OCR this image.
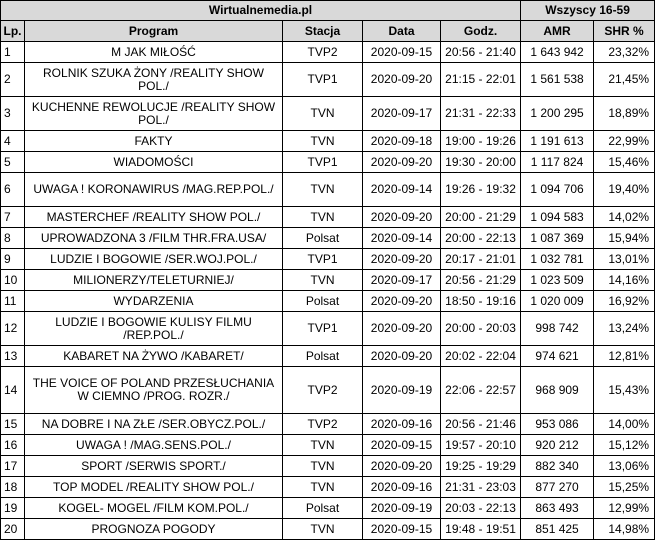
Wirtualnemedia.pl					Wszyscy 16-59	
Lp.	Program	Stacja	Data	Godz.	AMR	SHR %
1	M JAK MIŁOŚĆ	TVP2	2020-09-15	20:56 - 21:40	1 643 942	23,32%
2	ROLNIK SZUKA ŻONY /REALITY SHOW POL./	TVP1	2020-09-20	21:15 - 22:01	1 561 538	21,45%
3	KUCHENNE REWOLUCJE /REALITY SHOW POL./	TVN	2020-09-17	21:31 - 22:33	1 200 295	18,89%
4	FAKTY	TVN	2020-09-18	19:00 - 19:26	1 191 613	22,99%
5	WIADOMOŚCI	TVP1	2020-09-20	19:30 - 20:00	1 117 824	15,46%
6	UWAGA ! KORONAWIRUS /MAG.REP.POL./	TVN	2020-09-14	19:26 - 19:32	1 094 706	19,40%
7	MASTERCHEF /REALITY SHOW POL./	TVN	2020-09-20	20:00 - 21:29	1 094 583	14,02%
8	UPROWADZONA 3 /FILM THR.FRA.USA/	Polsat	2020-09-14	20:00 - 22:13	1 087 369	15,94%
9	LUDZIE I BOGOWIE /SER.WOJ.POL./	TVP1	2020-09-20	20:17 - 21:01	1 032 781	13,01%
10	MILIONERZY/TELETURNIEJ/	TVN	2020-09-17	20:56 - 21:29	1 023 509	14,16%
11	WYDARZENIA	Polsat	2020-09-20	18:50 - 19:16	1 020 009	16,92%
12	LUDZIE I BOGOWIE KULISY FILMU /REP.POL./	TVP1	2020-09-20	20:00 - 20:03	998 742	13,24%
13	KABARET NA ŻYWO /KABARET/	Polsat	2020-09-20	20:02 - 22:04	974 621	12,81%
14	THE VOICE OF POLAND PRZESŁUCHANIA W CIEMNO /PROG. ROZR./	TVP2	2020-09-19	22:06 - 22:57	968 909	15,43%
15	NA DOBRE I NA ZŁE /SER.OBYCZ.POL./	TVP2	2020-09-16	20:56 - 21:46	953 086	14,00%
16	UWAGA ! /MAG.SENS.POL./	TVN	2020-09-15	19:57 - 20:10	920 212	15,12%
17	SPORT /SERWIS SPORT./	TVN	2020-09-20	19:25 - 19:29	882 340	13,06%
18	TOP MODEL /REALITY SHOW POL./	TVN	2020-09-16	21:31 - 23:03	877 270	15,25%
19	KOGEL- MOGEL /FILM KOM.POL./	Polsat	2020-09-19	20:03 - 22:13	863 493	12,99%
20	PROGNOZA POGODY	TVN	2020-09-15	19:48 - 19:51	851 425	14,98%
